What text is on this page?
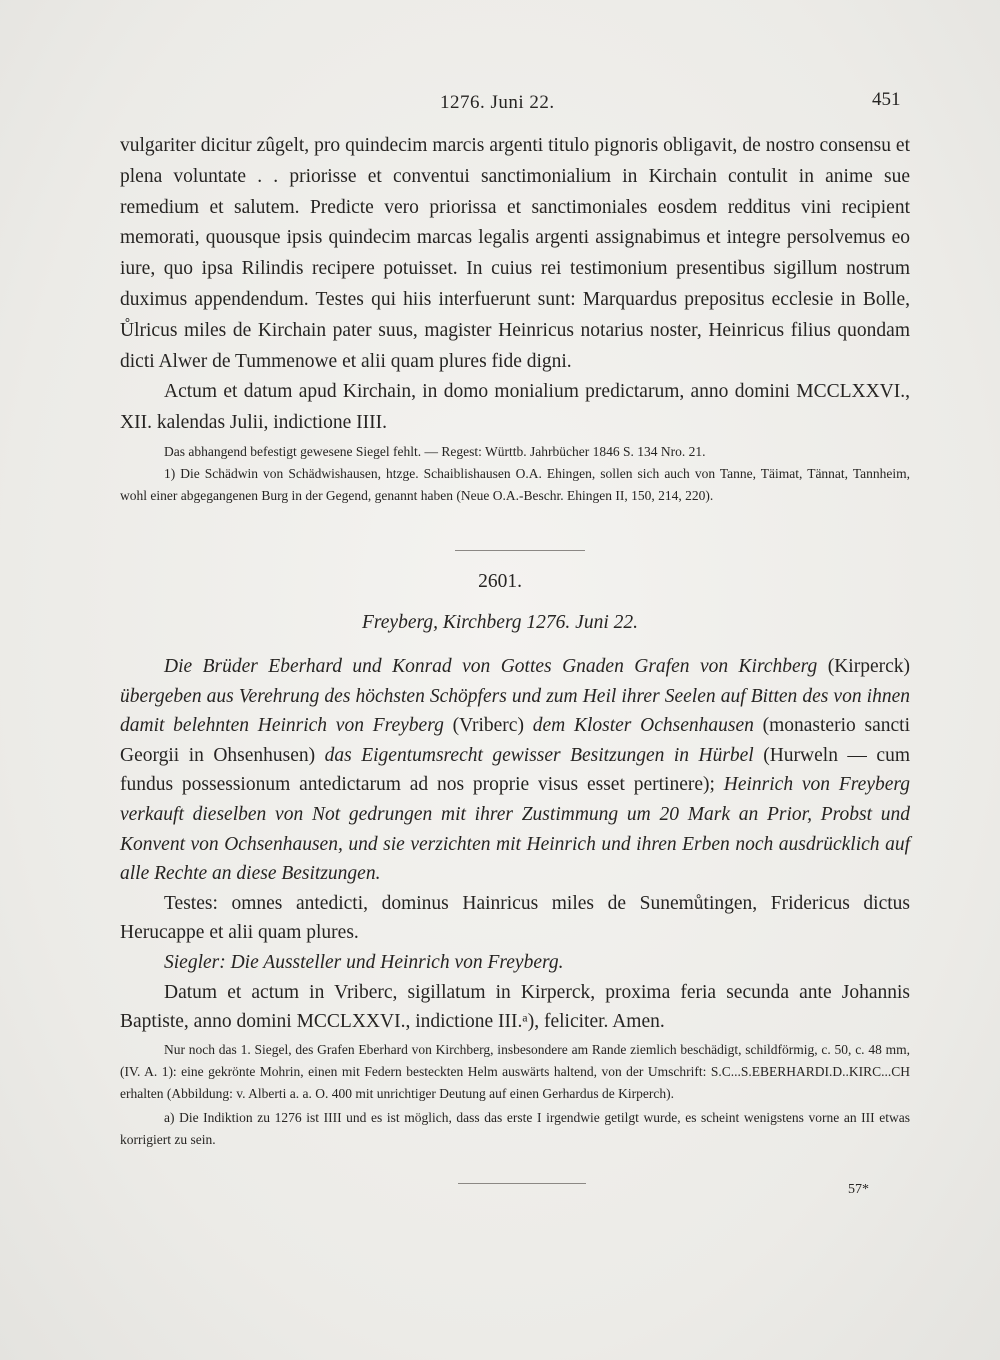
1276. Juni 22.	451

vulgariter dicitur zûgelt, pro quindecim marcis argenti titulo pignoris obligavit, de nostro consensu et plena voluntate . . priorisse et conventui sanctimonialium in Kirchain contulit in anime sue remedium et salutem. Predicte vero priorissa et sanctimoniales eosdem redditus vini recipient memorati, quousque ipsis quindecim marcas legalis argenti assignabimus et integre persolvemus eo iure, quo ipsa Rilindis recipere potuisset. In cuius rei testimonium presentibus sigillum nostrum duximus appendendum. Testes qui hiis interfuerunt sunt: Marquardus prepositus ecclesie in Bolle, Ůlricus miles de Kirchain pater suus, magister Heinricus notarius noster, Heinricus filius quondam dicti Alwer de Tummenowe et alii quam plures fide digni.

Actum et datum apud Kirchain, in domo monialium predictarum, anno domini MCCLXXVI., XII. kalendas Julii, indictione IIII.

Das abhangend befestigt gewesene Siegel fehlt. — Regest: Württb. Jahrbücher 1846 S. 134 Nro. 21.
1) Die Schädwin von Schädwishausen, htzge. Schaiblishausen O.A. Ehingen, sollen sich auch von Tanne, Täimat, Tännat, Tannheim, wohl einer abgegangenen Burg in der Gegend, genannt haben (Neue O.A.-Beschr. Ehingen II, 150, 214, 220).
2601.
Freyberg, Kirchberg 1276. Juni 22.

Die Brüder Eberhard und Konrad von Gottes Gnaden Grafen von Kirchberg (Kirperck) übergeben aus Verehrung des höchsten Schöpfers und zum Heil ihrer Seelen auf Bitten des von ihnen damit belehnten Heinrich von Freyberg (Vriberc) dem Kloster Ochsenhausen (monasterio sancti Georgii in Ohsenhusen) das Eigentumsrecht gewisser Besitzungen in Hürbel (Hurweln — cum fundus possessionum antedictarum ad nos proprie visus esset pertinere); Heinrich von Freyberg verkauft dieselben von Not gedrungen mit ihrer Zustimmung um 20 Mark an Prior, Probst und Konvent von Ochsenhausen, und sie verzichten mit Heinrich und ihren Erben noch ausdrücklich auf alle Rechte an diese Besitzungen.

Testes: omnes antedicti, dominus Hainricus miles de Sunemůtingen, Fridericus dictus Herucappe et alii quam plures.

Siegler: Die Aussteller und Heinrich von Freyberg.

Datum et actum in Vriberc, sigillatum in Kirperck, proxima feria secunda ante Johannis Baptiste, anno domini MCCLXXVI., indictione III.ᵃ), feliciter. Amen.

Nur noch das 1. Siegel, des Grafen Eberhard von Kirchberg, insbesondere am Rande ziemlich beschädigt, schildförmig, c. 50, c. 48 mm, (IV. A. 1): eine gekrönte Mohrin, einen mit Federn besteckten Helm auswärts haltend, von der Umschrift: S.C...S.EBERHARDI.D..KIRC...CH erhalten (Abbildung: v. Alberti a. a. O. 400 mit unrichtiger Deutung auf einen Gerhardus de Kirperch).
a) Die Indiktion zu 1276 ist IIII und es ist möglich, dass das erste I irgendwie getilgt wurde, es scheint wenigstens vorne an III etwas korrigiert zu sein.
57*
